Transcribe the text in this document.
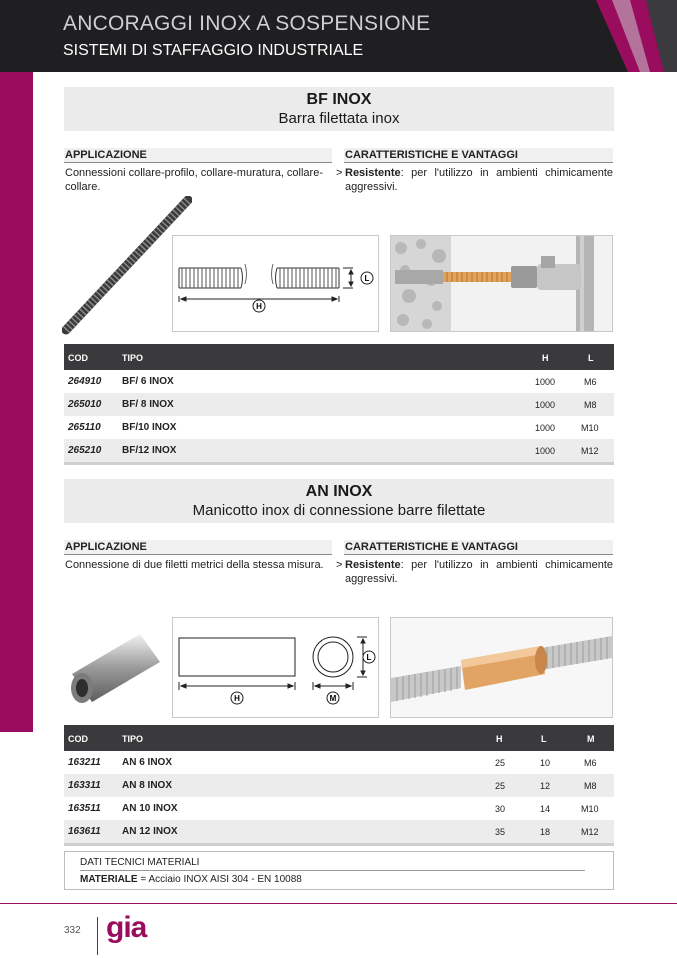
ANCORAGGI INOX A SOSPENSIONE
SISTEMI DI STAFFAGGIO INDUSTRIALE
BF INOX
Barra filettata inox
APPLICAZIONE
Connessioni collare-profilo, collare-muratura, collare-collare.
CARATTERISTICHE E VANTAGGI
> Resistente: per l'utilizzo in ambienti chimicamente aggressivi.
H
L
COD	TIPO	H	L
264910 BF/ 6 INOX	1000	M6
265010 BF/ 8 INOX	1000	M8
265110 BF/10 INOX	1000	M10
265210 BF/12 INOX	1000	M12
AN INOX
Manicotto inox di connessione barre filettate
APPLICAZIONE
Connessione di due filetti metrici della stessa misura.
CARATTERISTICHE E VANTAGGI
> Resistente: per l'utilizzo in ambienti chimicamente aggressivi.
H	M
L
COD	TIPO	H	L	M
163211 AN 6 INOX	25	10	M6
163311 AN 8 INOX	25	12	M8
163511 AN 10 INOX	30	14	M10
163611 AN 12 INOX	35	18	M12
DATI TECNICI MATERIALI
MATERIALE = Acciaio INOX AISI 304 - EN 10088
332 gia
